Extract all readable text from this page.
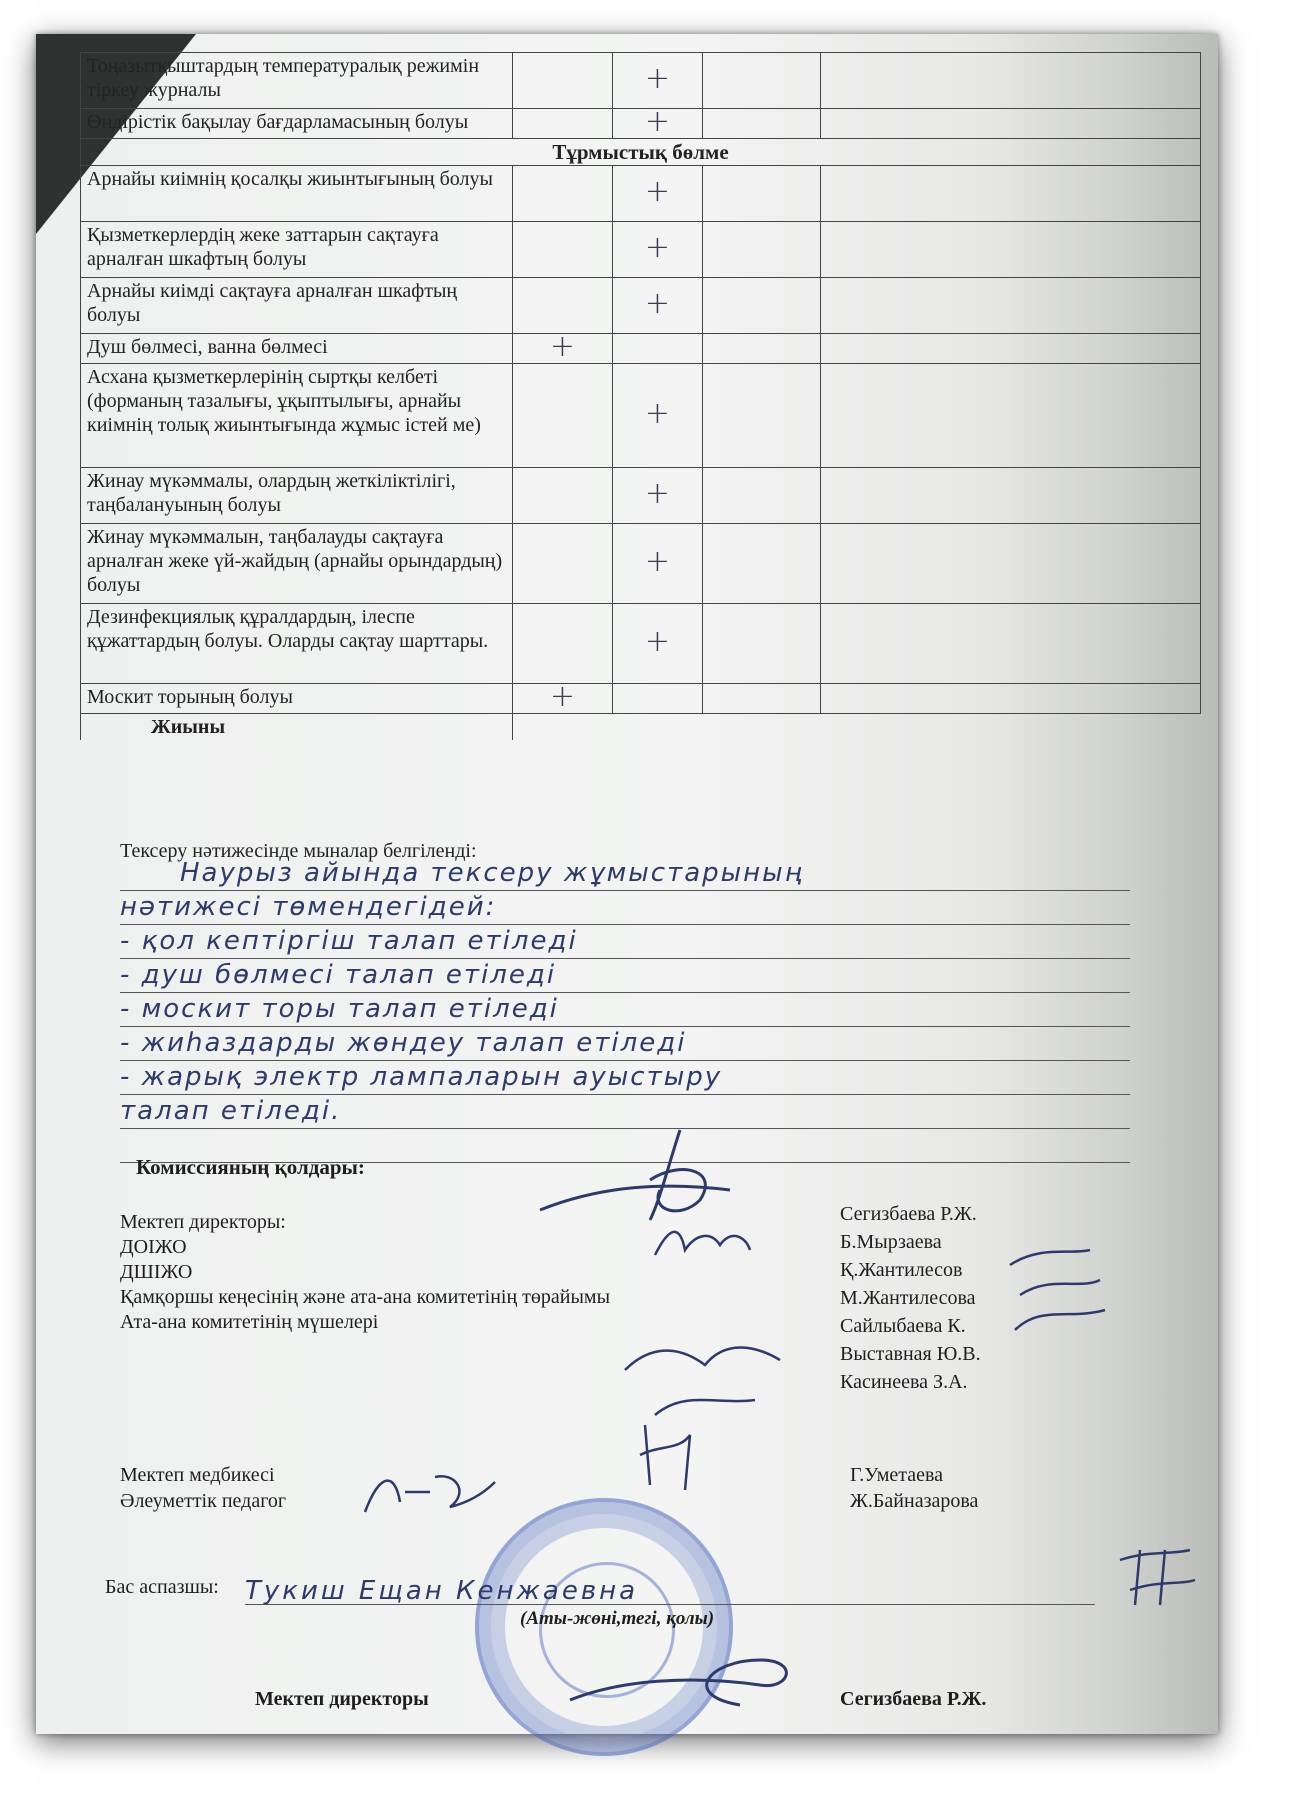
Тоңазытқыштардың температуралық режимін тіркеу журналы		+		
Өндірістік бақылау бағдарламасының болуы		+		
Тұрмыстық бөлме				
Арнайы киімнің қосалқы жиынтығының болуы		+		
Қызметкерлердің жеке заттарын сақтауға арналған шкафтың болуы		+		
Арнайы киімді сақтауға арналған шкафтың болуы		+		
Душ бөлмесі, ванна бөлмесі	+			
Асхана қызметкерлерінің сыртқы келбеті (форманың тазалығы, ұқыптылығы, арнайы киімнің толық жиынтығында жұмыс істей ме)		+		
Жинау мүкәммалы, олардың жеткіліктілігі, таңбалануының болуы		+		
Жинау мүкәммалын, таңбалауды сақтауға арналған жеке үй-жайдың (арнайы орындардың) болуы		+		
Дезинфекциялық құралдардың, ілеспе құжаттардың болуы. Оларды сақтау шарттары.		+		
Москит торының болуы	+			
Жиыны				
Тексеру нәтижесінде мыналар белгіленді:
Наурыз айында тексеру жұмыстарының
нәтижесі төмендегідей:
- қол кептіргіш талап етіледі
- душ бөлмесі талап етіледі
- москит торы талап етіледі
- жиһаздарды жөндеу талап етіледі
- жарық электр лампаларын ауыстыру
талап етіледі.
Комиссияның қолдары:
Мектеп директоры:
ДОІЖО
ДШІЖО
Қамқоршы кеңесінің және ата-ана комитетінің төрайымы
Ата-ана комитетінің мүшелері
Сегизбаева Р.Ж.
Б.Мырзаева
Қ.Жантилесов
М.Жантилесова
Сайлыбаева К.
Выставная Ю.В.
Касинеева З.А.
Мектеп медбикесі
Әлеуметтік педагог
Г.Уметаева
Ж.Байназарова
Бас аспазшы: Тукиш Ещан Кенжаевна
(Аты-жөні,тегі, қолы)
Мектеп директоры	Сегизбаева Р.Ж.
